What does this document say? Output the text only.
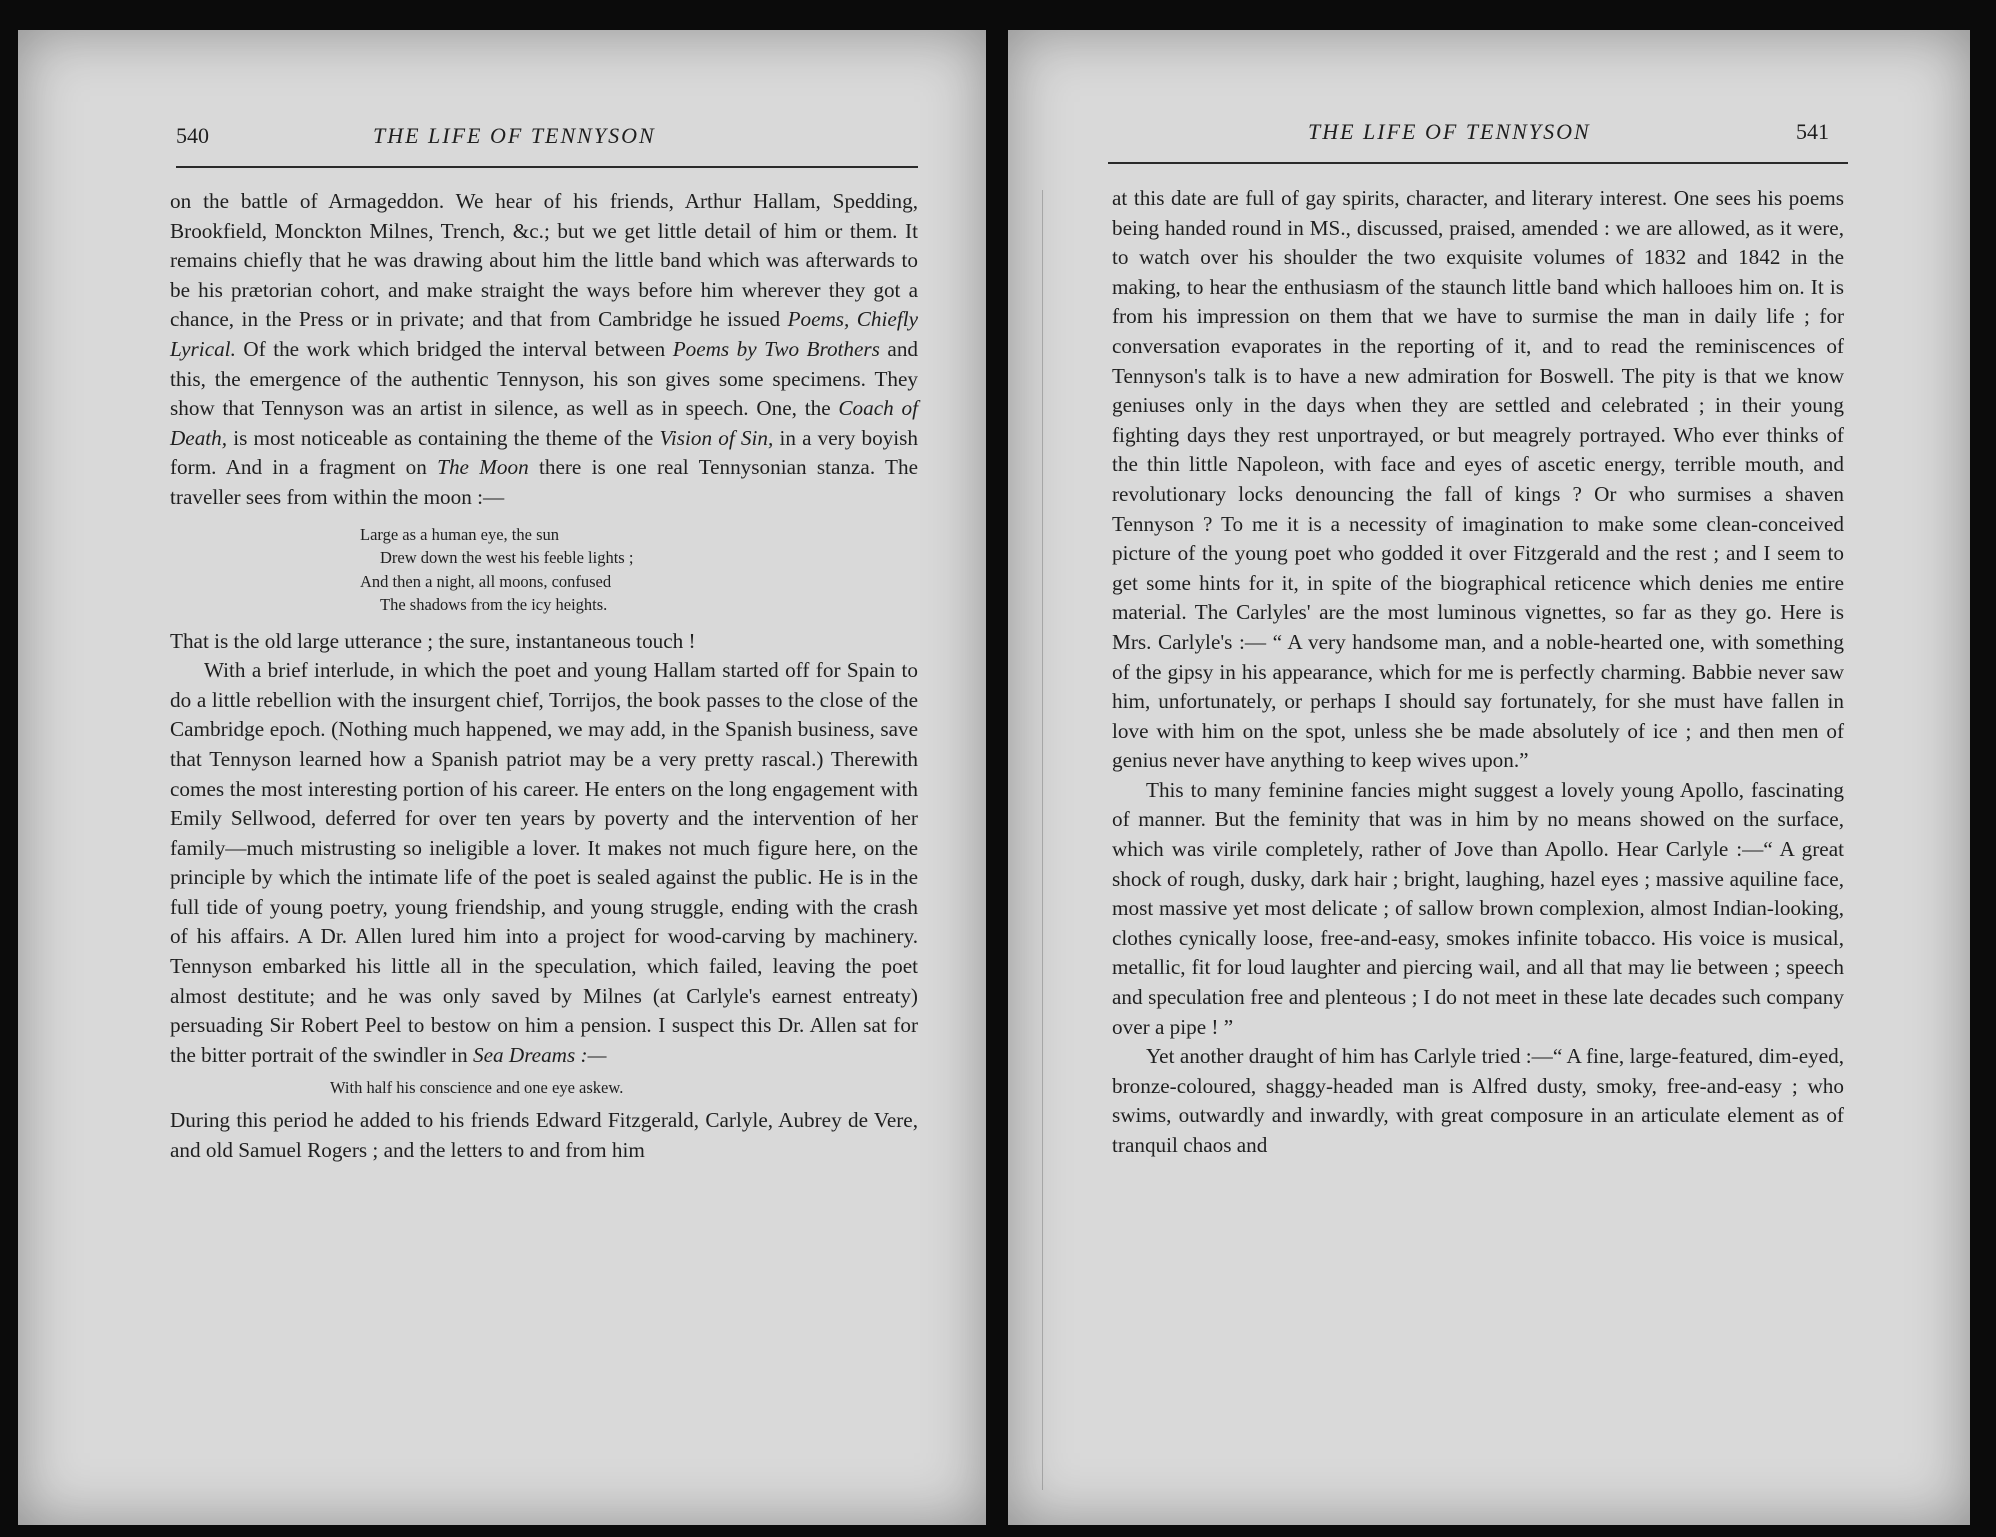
540	THE LIFE OF TENNYSON

on the battle of Armageddon. We hear of his friends, Arthur Hallam, Spedding, Brookfield, Monckton Milnes, Trench, &c.; but we get little detail of him or them. It remains chiefly that he was drawing about him the little band which was afterwards to be his prætorian cohort, and make straight the ways before him wherever they got a chance, in the Press or in private; and that from Cambridge he issued Poems, Chiefly Lyrical. Of the work which bridged the interval between Poems by Two Brothers and this, the emergence of the authentic Tennyson, his son gives some specimens. They show that Tennyson was an artist in silence, as well as in speech. One, the Coach of Death, is most noticeable as containing the theme of the Vision of Sin, in a very boyish form. And in a fragment on The Moon there is one real Tennysonian stanza. The traveller sees from within the moon :—

Large as a human eye, the sun
Drew down the west his feeble lights ;
And then a night, all moons, confused
The shadows from the icy heights.

That is the old large utterance ; the sure, instantaneous touch !

With a brief interlude, in which the poet and young Hallam started off for Spain to do a little rebellion with the insurgent chief, Torrijos, the book passes to the close of the Cambridge epoch. (Nothing much happened, we may add, in the Spanish business, save that Tennyson learned how a Spanish patriot may be a very pretty rascal.) Therewith comes the most interesting portion of his career. He enters on the long engagement with Emily Sellwood, deferred for over ten years by poverty and the intervention of her family—much mistrusting so ineligible a lover. It makes not much figure here, on the principle by which the intimate life of the poet is sealed against the public. He is in the full tide of young poetry, young friendship, and young struggle, ending with the crash of his affairs. A Dr. Allen lured him into a project for wood-carving by machinery. Tennyson embarked his little all in the speculation, which failed, leaving the poet almost destitute; and he was only saved by Milnes (at Carlyle's earnest entreaty) persuading Sir Robert Peel to bestow on him a pension. I suspect this Dr. Allen sat for the bitter portrait of the swindler in Sea Dreams :—

With half his conscience and one eye askew.

During this period he added to his friends Edward Fitzgerald, Carlyle, Aubrey de Vere, and old Samuel Rogers ; and the letters to and from him

THE LIFE OF TENNYSON	541

at this date are full of gay spirits, character, and literary interest. One sees his poems being handed round in MS., discussed, praised, amended : we are allowed, as it were, to watch over his shoulder the two exquisite volumes of 1832 and 1842 in the making, to hear the enthusiasm of the staunch little band which hallooes him on. It is from his impression on them that we have to surmise the man in daily life ; for conversation evaporates in the reporting of it, and to read the reminiscences of Tennyson's talk is to have a new admiration for Boswell. The pity is that we know geniuses only in the days when they are settled and celebrated ; in their young fighting days they rest unportrayed, or but meagrely portrayed. Who ever thinks of the thin little Napoleon, with face and eyes of ascetic energy, terrible mouth, and revolutionary locks denouncing the fall of kings ? Or who surmises a shaven Tennyson ? To me it is a necessity of imagination to make some clean-conceived picture of the young poet who godded it over Fitzgerald and the rest ; and I seem to get some hints for it, in spite of the biographical reticence which denies me entire material. The Carlyles' are the most luminous vignettes, so far as they go. Here is Mrs. Carlyle's :— “ A very handsome man, and a noble-hearted one, with something of the gipsy in his appearance, which for me is perfectly charming. Babbie never saw him, unfortunately, or perhaps I should say fortunately, for she must have fallen in love with him on the spot, unless she be made absolutely of ice ; and then men of genius never have anything to keep wives upon.”

This to many feminine fancies might suggest a lovely young Apollo, fascinating of manner. But the feminity that was in him by no means showed on the surface, which was virile completely, rather of Jove than Apollo. Hear Carlyle :—“ A great shock of rough, dusky, dark hair ; bright, laughing, hazel eyes ; massive aquiline face, most massive yet most delicate ; of sallow brown complexion, almost Indian-looking, clothes cynically loose, free-and-easy, smokes infinite tobacco. His voice is musical, metallic, fit for loud laughter and piercing wail, and all that may lie between ; speech and speculation free and plenteous ; I do not meet in these late decades such company over a pipe ! ”

Yet another draught of him has Carlyle tried :—“ A fine, large-featured, dim-eyed, bronze-coloured, shaggy-headed man is Alfred dusty, smoky, free-and-easy ; who swims, outwardly and inwardly, with great composure in an articulate element as of tranquil chaos and
